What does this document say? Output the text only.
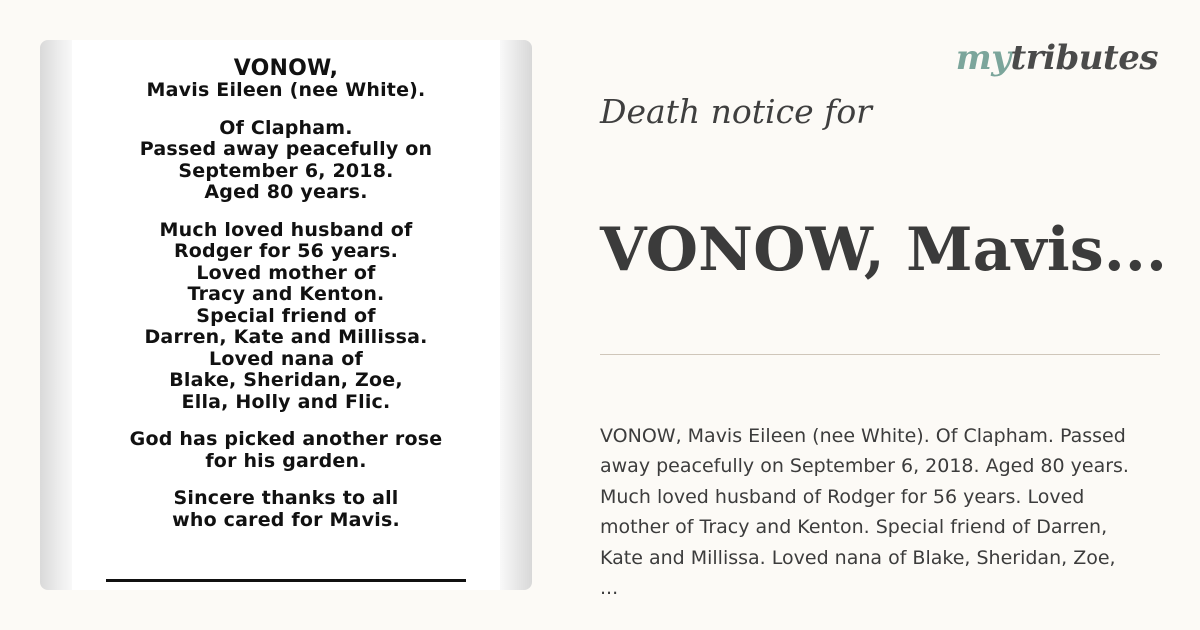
VONOW,
Mavis Eileen (nee White).
Of Clapham.
Passed away peacefully on
September 6, 2018.
Aged 80 years.
Much loved husband of
Rodger for 56 years.
Loved mother of
Tracy and Kenton.
Special friend of
Darren, Kate and Millissa.
Loved nana of
Blake, Sheridan, Zoe,
Ella, Holly and Flic.
God has picked another rose
for his garden.
Sincere thanks to all
who cared for Mavis.
mytributes
Death notice for
VONOW, Mavis...

VONOW, Mavis Eileen (nee White). Of Clapham. Passed
away peacefully on September 6, 2018. Aged 80 years.
Much loved husband of Rodger for 56 years. Loved
mother of Tracy and Kenton. Special friend of Darren,
Kate and Millissa. Loved nana of Blake, Sheridan, Zoe,

...
